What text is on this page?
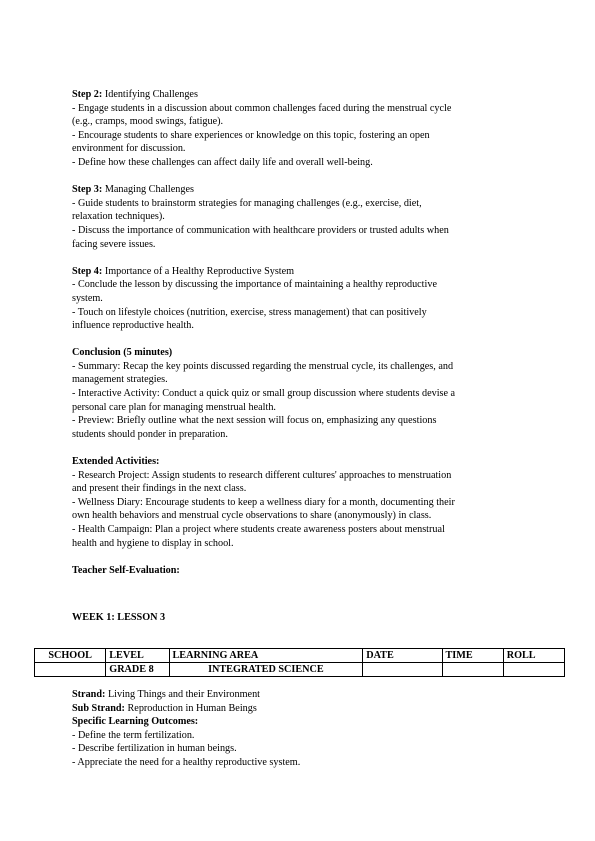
Step 2: Identifying Challenges
- Engage students in a discussion about common challenges faced during the menstrual cycle
(e.g., cramps, mood swings, fatigue).
- Encourage students to share experiences or knowledge on this topic, fostering an open
environment for discussion.
- Define how these challenges can affect daily life and overall well-being.
Step 3: Managing Challenges
- Guide students to brainstorm strategies for managing challenges (e.g., exercise, diet,
relaxation techniques).
- Discuss the importance of communication with healthcare providers or trusted adults when
facing severe issues.
Step 4: Importance of a Healthy Reproductive System
- Conclude the lesson by discussing the importance of maintaining a healthy reproductive
system.
- Touch on lifestyle choices (nutrition, exercise, stress management) that can positively
influence reproductive health.
Conclusion (5 minutes)
- Summary: Recap the key points discussed regarding the menstrual cycle, its challenges, and
management strategies.
- Interactive Activity: Conduct a quick quiz or small group discussion where students devise a
personal care plan for managing menstrual health.
- Preview: Briefly outline what the next session will focus on, emphasizing any questions
students should ponder in preparation.
Extended Activities:
- Research Project: Assign students to research different cultures' approaches to menstruation
and present their findings in the next class.
- Wellness Diary: Encourage students to keep a wellness diary for a month, documenting their
own health behaviors and menstrual cycle observations to share (anonymously) in class.
- Health Campaign: Plan a project where students create awareness posters about menstrual
health and hygiene to display in school.
Teacher Self-Evaluation:
WEEK 1: LESSON 3
SCHOOL	LEVEL	LEARNING AREA	DATE	TIME	ROLL
	GRADE 8	INTEGRATED SCIENCE			
Strand: Living Things and their Environment
Sub Strand: Reproduction in Human Beings
Specific Learning Outcomes:
- Define the term fertilization.
- Describe fertilization in human beings.
- Appreciate the need for a healthy reproductive system.
